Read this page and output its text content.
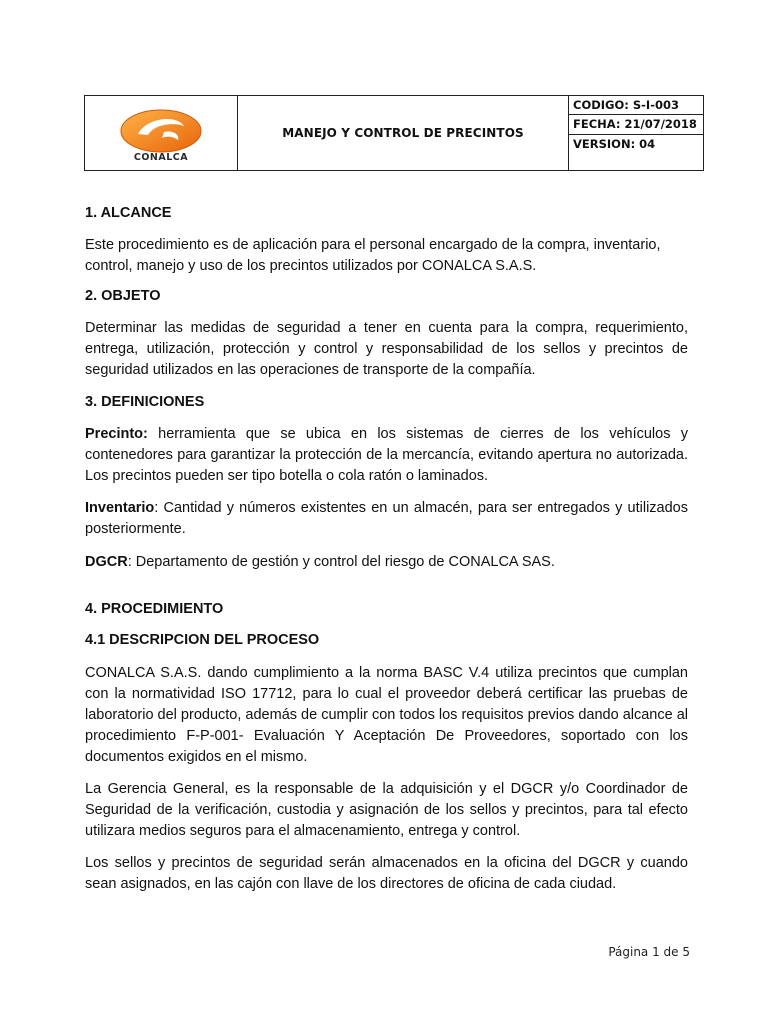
CONALCA
	MANEJO Y CONTROL DE PRECINTOS	CODIGO: S-I-003
FECHA: 21/07/2018
VERSION: 04
1. ALCANCE

Este procedimiento es de aplicación para el personal encargado de la compra, inventario, control, manejo y uso de los precintos utilizados por CONALCA S.A.S.

2. OBJETO

Determinar las medidas de seguridad a tener en cuenta para la compra, requerimiento, entrega, utilización, protección y control y responsabilidad de los sellos y precintos de seguridad utilizados en las operaciones de transporte de la compañía.

3. DEFINICIONES

Precinto: herramienta que se ubica en los sistemas de cierres de los vehículos y contenedores para garantizar la protección de la mercancía, evitando apertura no autorizada. Los precintos pueden ser tipo botella o cola ratón o laminados.

Inventario: Cantidad y números existentes en un almacén, para ser entregados y utilizados posteriormente.

DGCR: Departamento de gestión y control del riesgo de CONALCA SAS.

4. PROCEDIMIENTO
4.1 DESCRIPCION DEL PROCESO

CONALCA S.A.S. dando cumplimiento a la norma BASC V.4 utiliza precintos que cumplan con la normatividad ISO 17712, para lo cual el proveedor deberá certificar las pruebas de laboratorio del producto, además de cumplir con todos los requisitos previos dando alcance al procedimiento F-P-001- Evaluación Y Aceptación De Proveedores, soportado con los documentos exigidos en el mismo.

La Gerencia General, es la responsable de la adquisición y el DGCR y/o Coordinador de Seguridad de la verificación, custodia y asignación de los sellos y precintos, para tal efecto utilizara medios seguros para el almacenamiento, entrega y control.

Los sellos y precintos de seguridad serán almacenados en la oficina del DGCR y cuando sean asignados, en las cajón con llave de los directores de oficina de cada ciudad.

Página 1 de 5
